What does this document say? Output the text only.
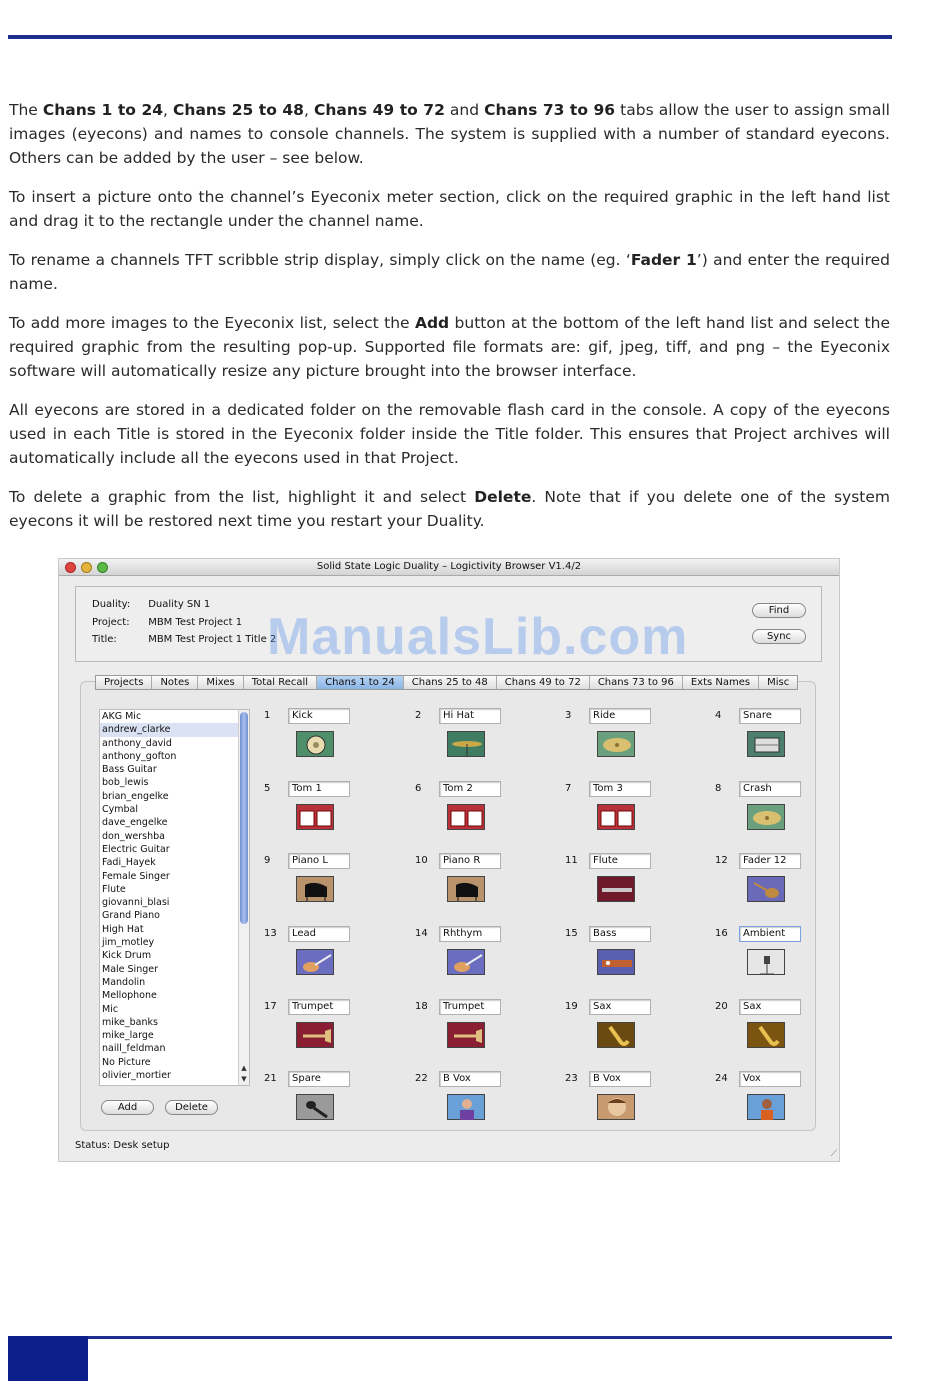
The Chans 1 to 24, Chans 25 to 48, Chans 49 to 72 and Chans 73 to 96 tabs allow the user to assign small images (eyecons) and names to console channels. The system is supplied with a number of standard eyecons. Others can be added by the user – see below.

To insert a picture onto the channel’s Eyeconix meter section, click on the required graphic in the left hand list and drag it to the rectangle under the channel name.

To rename a channels TFT scribble strip display, simply click on the name (eg. ‘Fader 1’) and enter the required name.

To add more images to the Eyeconix list, select the Add button at the bottom of the left hand list and select the required graphic from the resulting pop-up. Supported file formats are: gif, jpeg, tiff, and png – the Eyeconix software will automatically resize any picture brought into the browser interface.

All eyecons are stored in a dedicated folder on the removable flash card in the console. A copy of the eyecons used in each Title is stored in the Eyeconix folder inside the Title folder. This ensures that Project archives will automatically include all the eyecons used in that Project.

To delete a graphic from the list, highlight it and select Delete. Note that if you delete one of the system eyecons it will be restored next time you restart your Duality.

Solid State Logic Duality – Logictivity Browser V1.4/2
Duality: Duality SN 1
Project: MBM Test Project 1
Title:	MBM Test Project 1 Title 2
Find
Sync
ManualsLib.com
Projects	Notes	Mixes	Total Recall	Chans 1 to 24	Chans 25 to 48	Chans 49 to 72	Chans 73 to 96	Exts Names	Misc
AKG Mic
andrew_clarke
anthony_david
anthony_gofton
Bass Guitar
bob_lewis
brian_engelke
Cymbal
dave_engelke
don_wershba
Electric Guitar
Fadi_Hayek
Female Singer
Flute
giovanni_blasi
Grand Piano
High Hat
jim_motley
Kick Drum
Male Singer
Mandolin
Mellophone
Mic
mike_banks
mike_large
naill_feldman
No Picture
olivier_mortier
▲
▼
Add	Delete
1	Kick	2	Hi Hat	3	Ride	4	Snare
5	Tom 1	6	Tom 2	7	Tom 3	8	Crash
9	Piano L	10	Piano R	11	Flute	12	Fader 12
13	Lead	14	Rhthym	15	Bass	16	Ambient
17	Trumpet	18	Trumpet	19	Sax	20	Sax
21	Spare	22	B Vox	23	B Vox	24	Vox
Status: Desk setup
⟋
